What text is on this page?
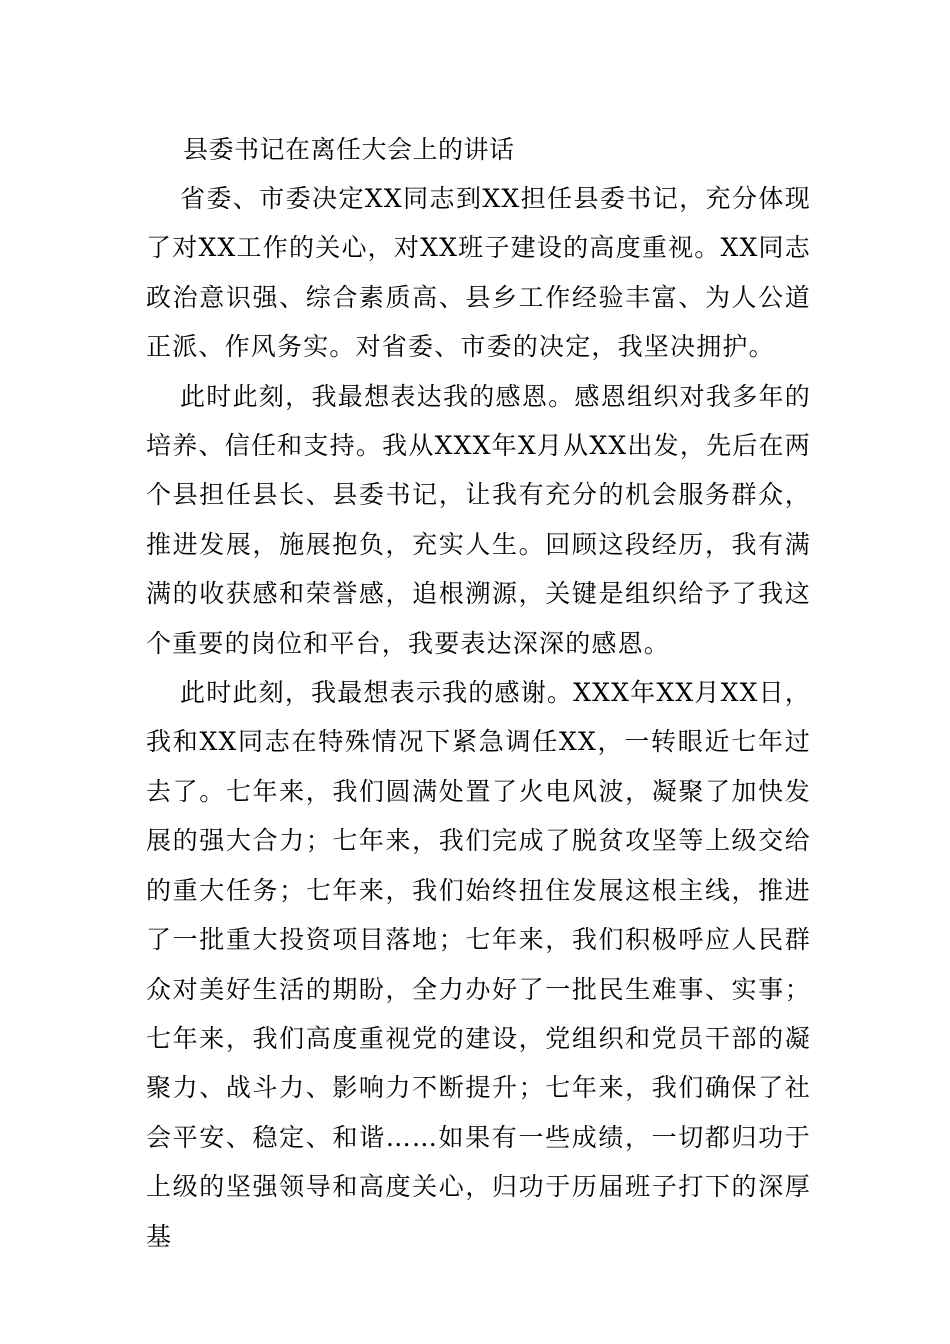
县委书记在离任大会上的讲话

省委、市委决定XX同志到XX担任县委书记，充分体现了对XX工作的关心，对XX班子建设的高度重视。XX同志政治意识强、综合素质高、县乡工作经验丰富、为人公道正派、作风务实。对省委、市委的决定，我坚决拥护。

此时此刻，我最想表达我的感恩。感恩组织对我多年的培养、信任和支持。我从XXX年X月从XX出发，先后在两个县担任县长、县委书记，让我有充分的机会服务群众，推进发展，施展抱负，充实人生。回顾这段经历，我有满满的收获感和荣誉感，追根溯源，关键是组织给予了我这个重要的岗位和平台，我要表达深深的感恩。

此时此刻，我最想表示我的感谢。XXX年XX月XX日，我和XX同志在特殊情况下紧急调任XX，一转眼近七年过去了。七年来，我们圆满处置了火电风波，凝聚了加快发展的强大合力；七年来，我们完成了脱贫攻坚等上级交给的重大任务；七年来，我们始终扭住发展这根主线，推进了一批重大投资项目落地；七年来，我们积极呼应人民群众对美好生活的期盼，全力办好了一批民生难事、实事；七年来，我们高度重视党的建设，党组织和党员干部的凝聚力、战斗力、影响力不断提升；七年来，我们确保了社会平安、稳定、和谐……如果有一些成绩，一切都归功于上级的坚强领导和高度关心，归功于历届班子打下的深厚基
